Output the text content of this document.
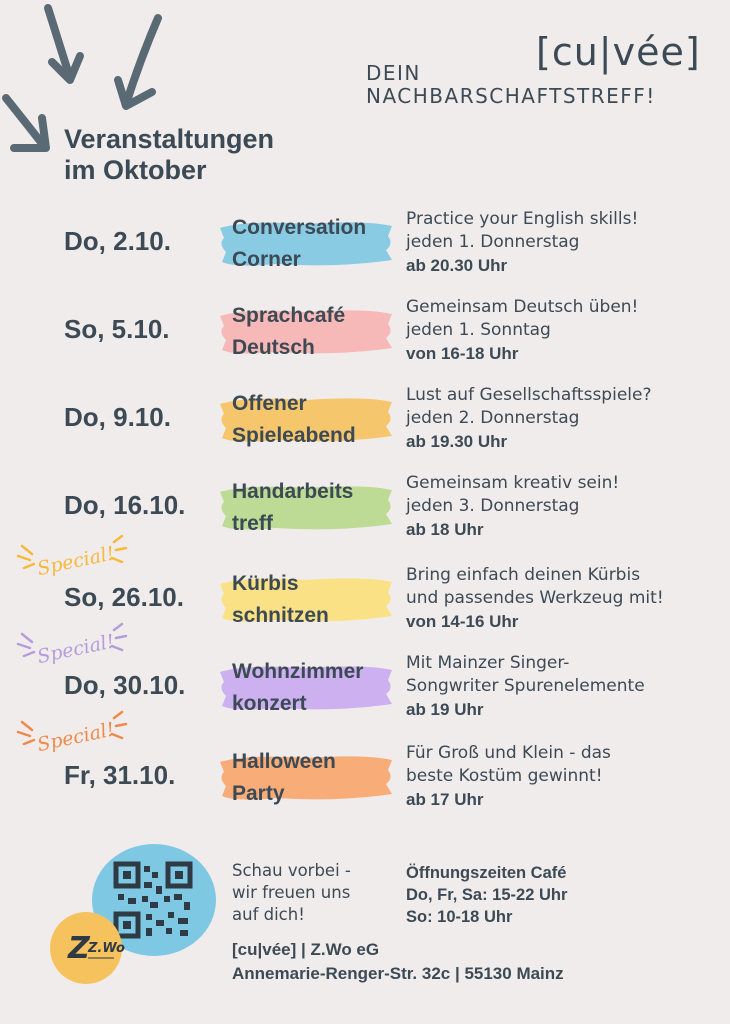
[cu|vée]
DEIN
NACHBARSCHAFTSTREFF!
Veranstaltungen
im Oktober
Do, 2.10.	Conversation
Corner
Practice your English skills!
jeden 1. Donnerstag
ab 20.30 Uhr
So, 5.10.	Sprachcafé
Deutsch
Gemeinsam Deutsch üben!
jeden 1. Sonntag
von 16-18 Uhr
Do, 9.10.	Offener
Spieleabend
Lust auf Gesellschaftsspiele?
jeden 2. Donnerstag
ab 19.30 Uhr
Do, 16.10. Handarbeits
treff
Gemeinsam kreativ sein!
jeden 3. Donnerstag
ab 18 Uhr
So, 26.10. Kürbis
schnitzen
Bring einfach deinen Kürbis
und passendes Werkzeug mit!
von 14-16 Uhr
Do, 30.10. Wohnzimmer
konzert
Mit Mainzer Singer-
Songwriter Spurenelemente
ab 19 Uhr
Fr, 31.10.	Halloween
Party
Für Groß und Klein - das
beste Kostüm gewinnt!
ab 17 Uhr
Special!
Special!
Special!
Z
Z.Wo
Schau vorbei -
wir freuen uns
auf dich!
Öffnungszeiten Café
Do, Fr, Sa: 15-22 Uhr
So: 10-18 Uhr
[cu|vée] | Z.Wo eG
Annemarie-Renger-Str. 32c | 55130 Mainz
